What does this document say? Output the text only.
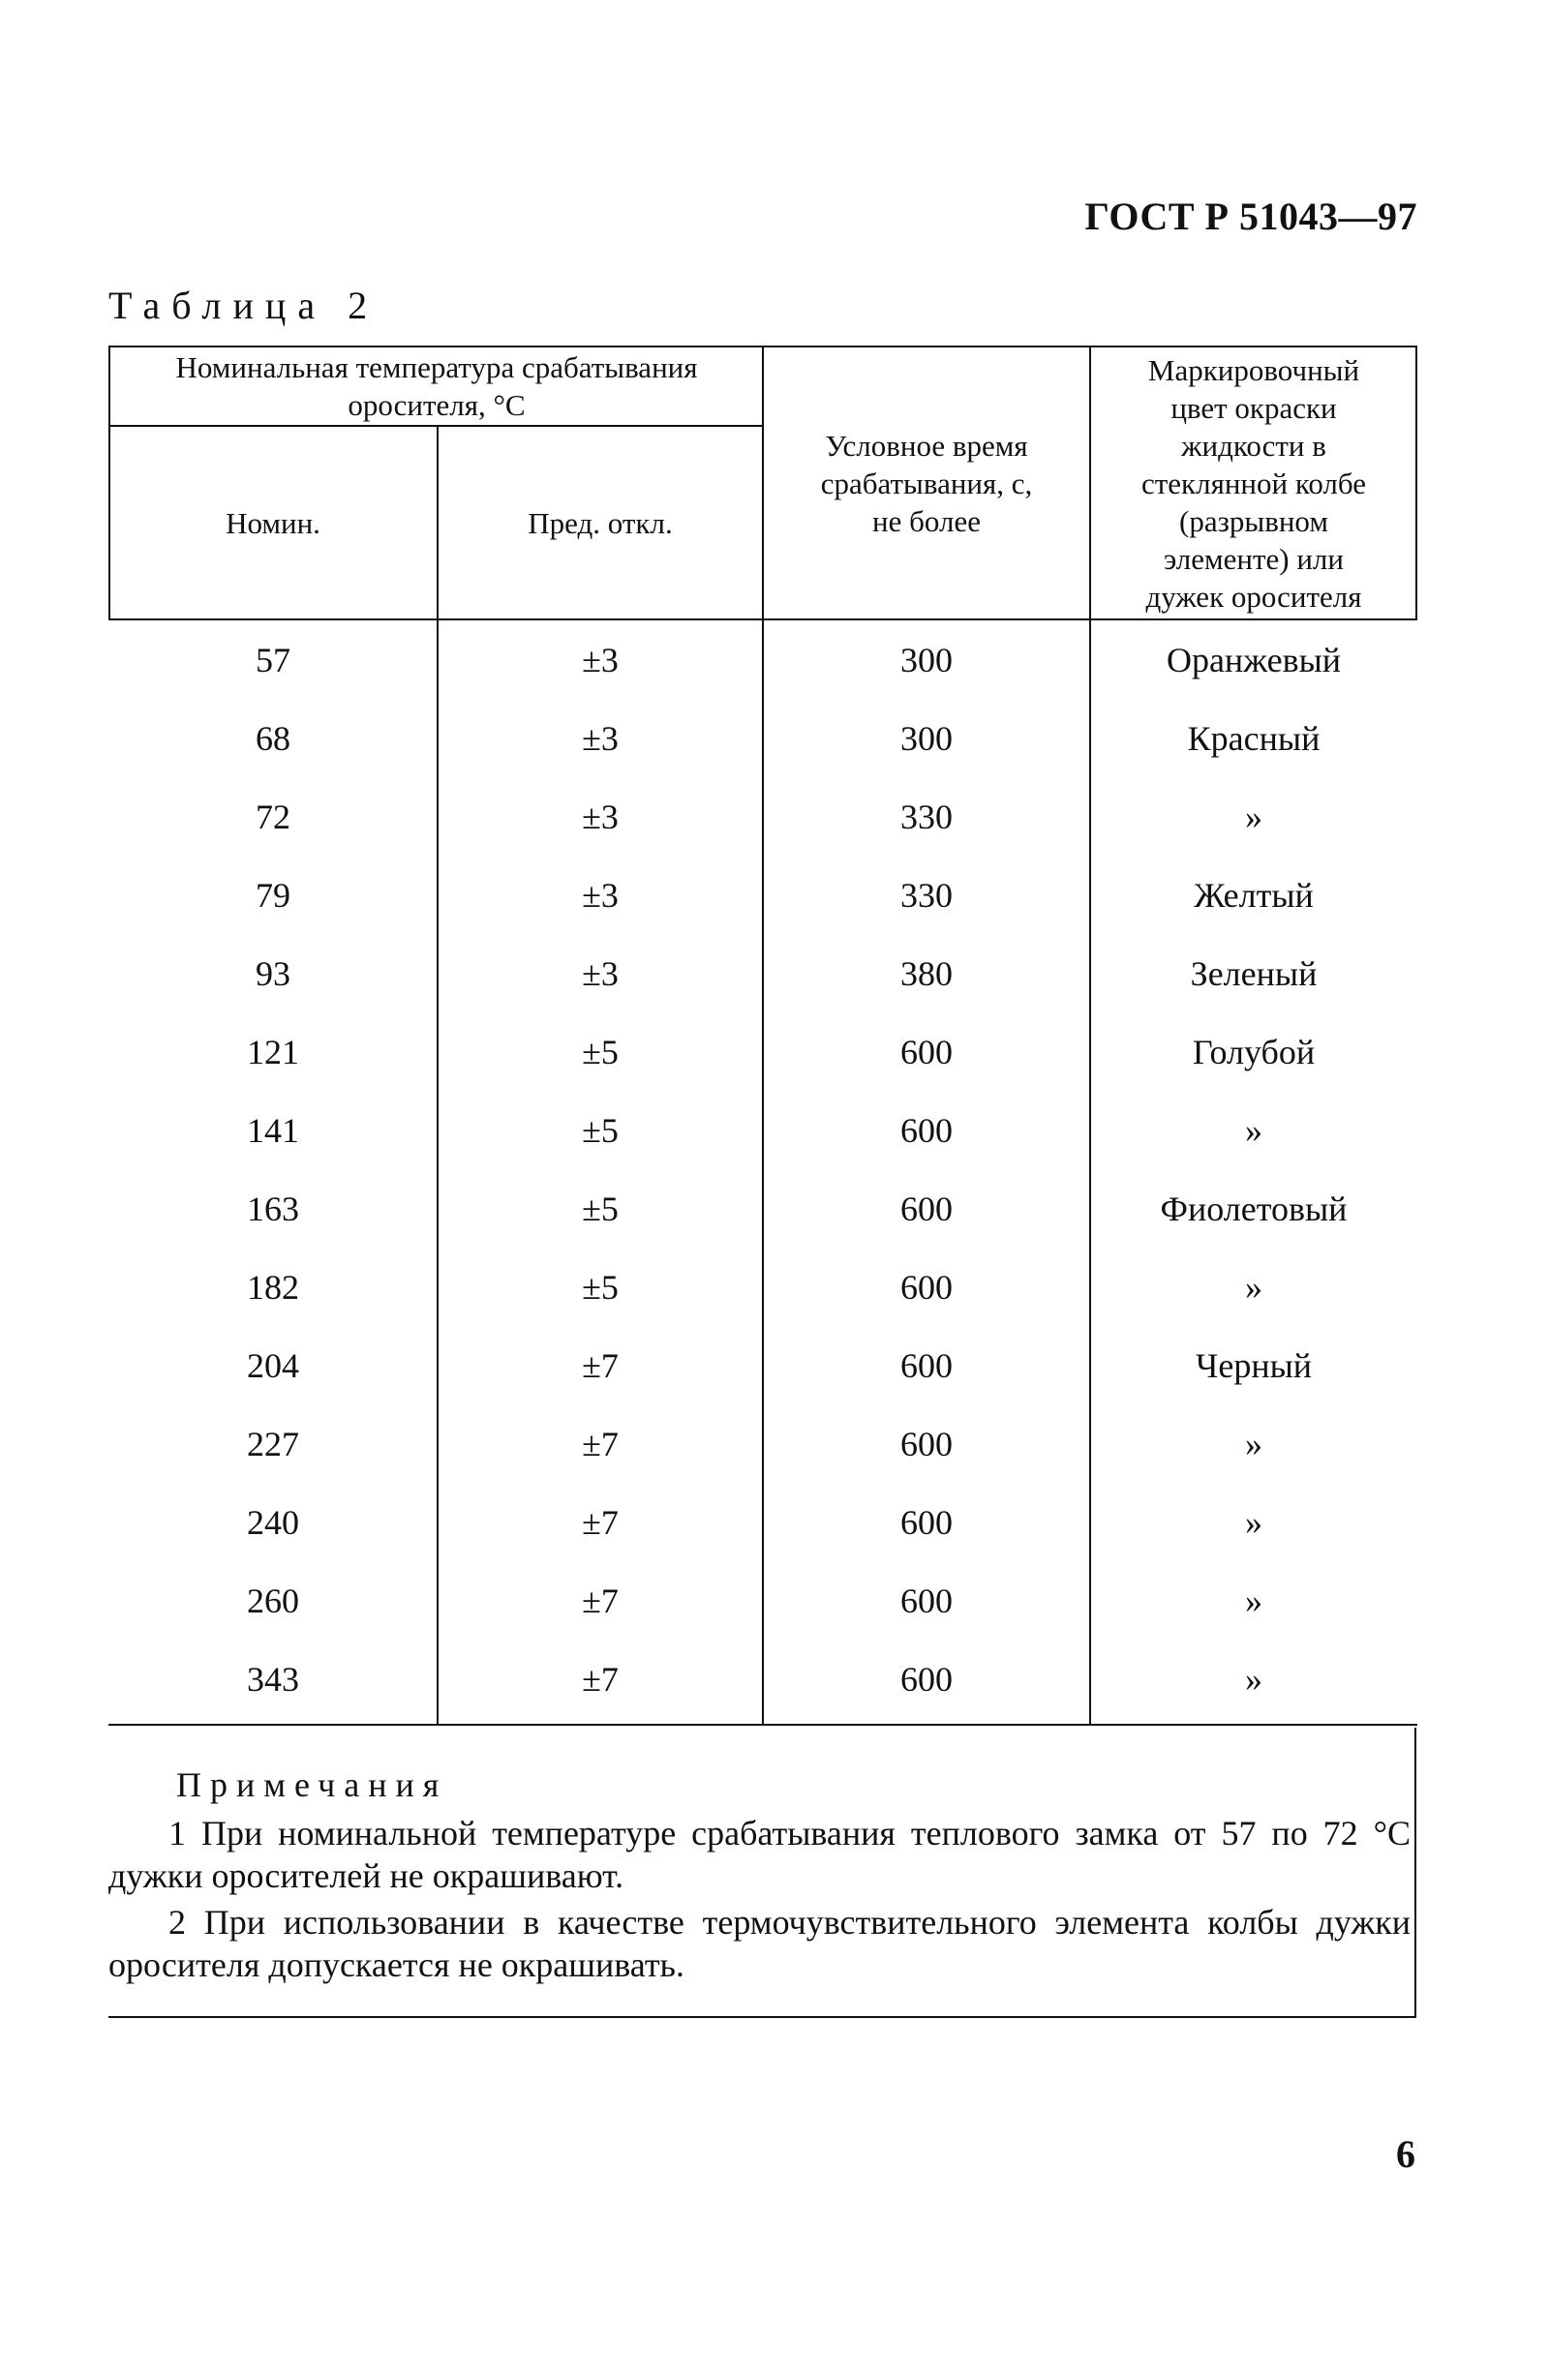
ГОСТ Р 51043—97
Таблица 2
Номинальная температура срабатывания оросителя, °С
Номин.	Пред. откл.
Условное время
срабатывания, с,
не более
Маркировочный
цвет окраски
жидкости в
стеклянной колбе
(разрывном
элементе) или
дужек оросителя
57	±3	300	Оранжевый
68	±3	300	Красный
72	±3	330	»
79	±3	330	Желтый
93	±3	380	Зеленый
121	±5	600	Голубой
141	±5	600	»
163	±5	600	Фиолетовый
182	±5	600	»
204	±7	600	Черный
227	±7	600	»
240	±7	600	»
260	±7	600	»
343	±7	600	»
Примечания
1 При номинальной температуре срабатывания теплового замка от 57 по 72 °С дужки оросителей не окрашивают.
2 При использовании в качестве термочувствительного элемента колбы дужки оросителя допускается не окрашивать.
6
